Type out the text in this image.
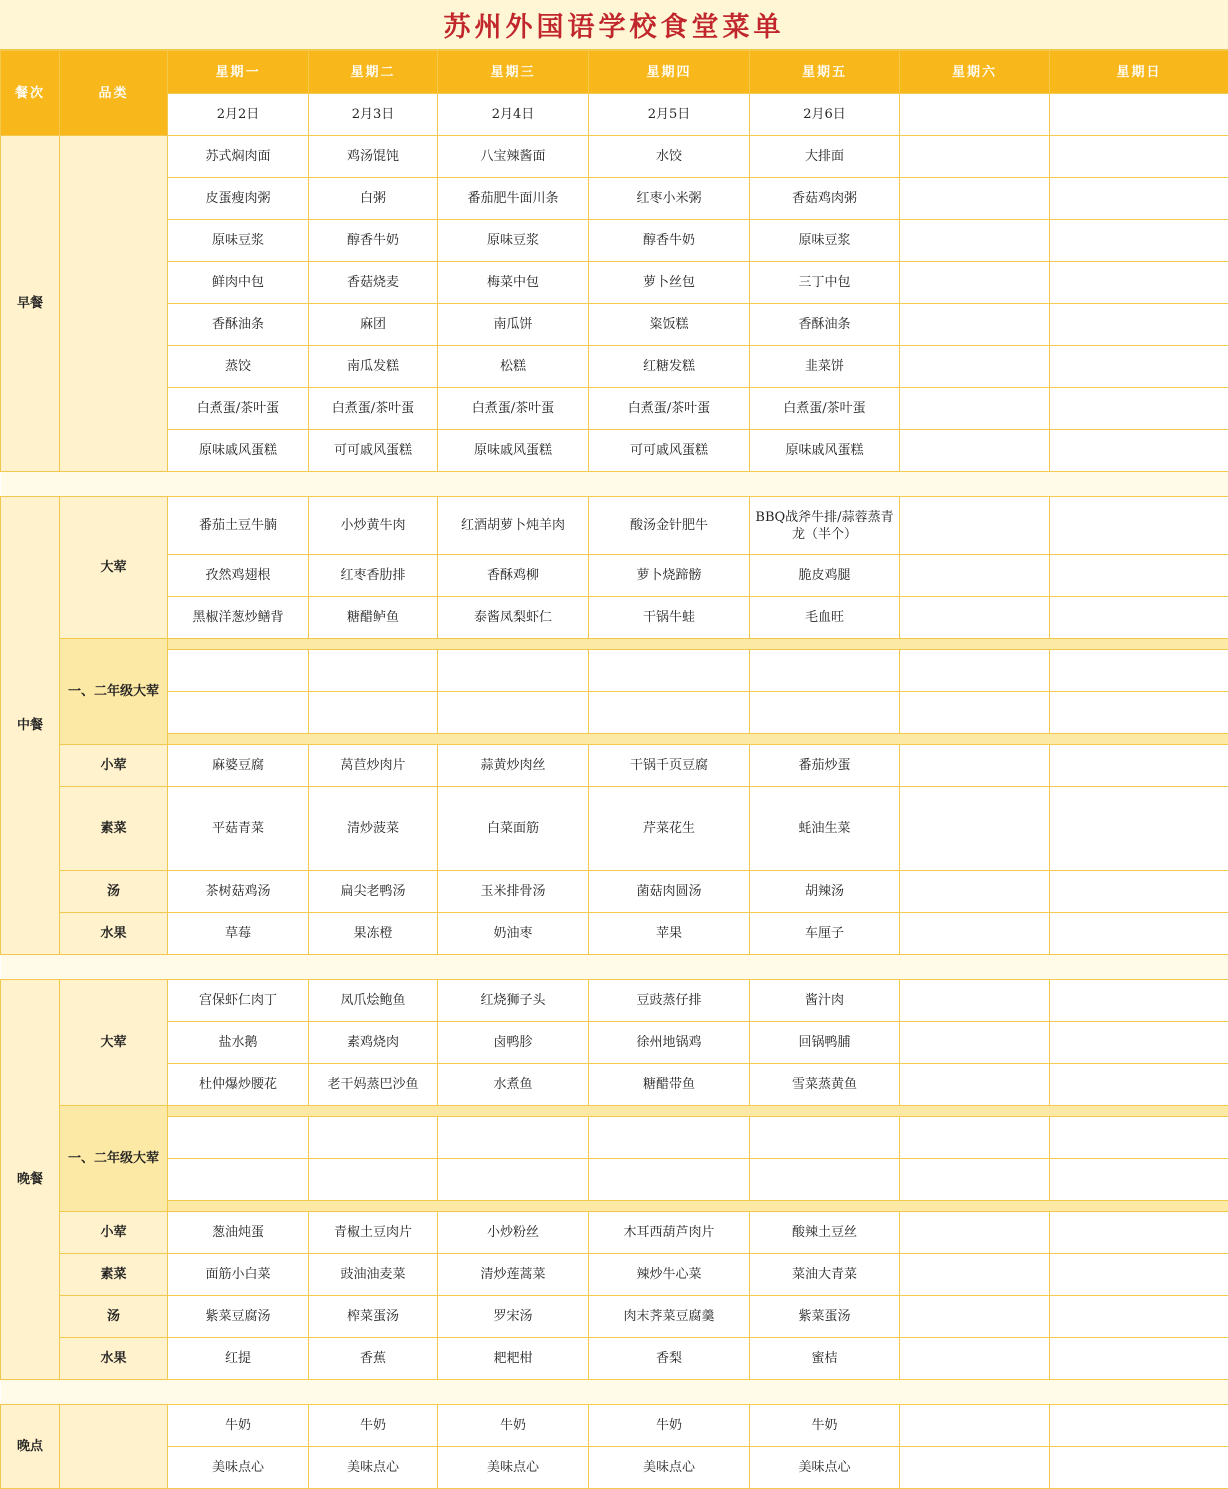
苏州外国语学校食堂菜单
餐次	品类	星期一	星期二	星期三	星期四	星期五	星期六	星期日
		2月2日	2月3日	2月4日	2月5日	2月6日		
早餐		苏式焖肉面	鸡汤馄饨	八宝辣酱面	水饺	大排面		
		皮蛋瘦肉粥	白粥	番茄肥牛面川条	红枣小米粥	香菇鸡肉粥		
		原味豆浆	醇香牛奶	原味豆浆	醇香牛奶	原味豆浆		
		鲜肉中包	香菇烧麦	梅菜中包	萝卜丝包	三丁中包		
		香酥油条	麻团	南瓜饼	粢饭糕	香酥油条		
		蒸饺	南瓜发糕	松糕	红糖发糕	韭菜饼		
		白煮蛋/茶叶蛋	白煮蛋/茶叶蛋	白煮蛋/茶叶蛋	白煮蛋/茶叶蛋	白煮蛋/茶叶蛋		
		原味戚风蛋糕	可可戚风蛋糕	原味戚风蛋糕	可可戚风蛋糕	原味戚风蛋糕		

中餐	大荤	番茄土豆牛腩	小炒黄牛肉	红酒胡萝卜炖羊肉	酸汤金针肥牛	BBQ战斧牛排/蒜蓉蒸青龙（半个）		
		孜然鸡翅根	红枣香肋排	香酥鸡柳	萝卜烧蹄髈	脆皮鸡腿		
		黑椒洋葱炒鳝背	糖醋鲈鱼	泰酱凤梨虾仁	干锅牛蛙	毛血旺		
	一、二年级大荤							

	小荤	麻婆豆腐	莴苣炒肉片	蒜黄炒肉丝	干锅千页豆腐	番茄炒蛋		
	素菜	平菇青菜	清炒菠菜	白菜面筋	芹菜花生	蚝油生菜		
	汤	茶树菇鸡汤	扁尖老鸭汤	玉米排骨汤	菌菇肉圆汤	胡辣汤		
	水果	草莓	果冻橙	奶油枣	苹果	车厘子		

晚餐	大荤	宫保虾仁肉丁	凤爪烩鲍鱼	红烧狮子头	豆豉蒸仔排	酱汁肉		
		盐水鹅	素鸡烧肉	卤鸭胗	徐州地锅鸡	回锅鸭脯		
		杜仲爆炒腰花	老干妈蒸巴沙鱼	水煮鱼	糖醋带鱼	雪菜蒸黄鱼		
	一、二年级大荤							

	小荤	葱油炖蛋	青椒土豆肉片	小炒粉丝	木耳西葫芦肉片	酸辣土豆丝		
	素菜	面筋小白菜	豉油油麦菜	清炒莲蒿菜	辣炒牛心菜	菜油大青菜		
	汤	紫菜豆腐汤	榨菜蛋汤	罗宋汤	肉末荠菜豆腐羹	紫菜蛋汤		
	水果	红提	香蕉	耙耙柑	香梨	蜜桔		

晚点		牛奶	牛奶	牛奶	牛奶	牛奶		
		美味点心	美味点心	美味点心	美味点心	美味点心		
